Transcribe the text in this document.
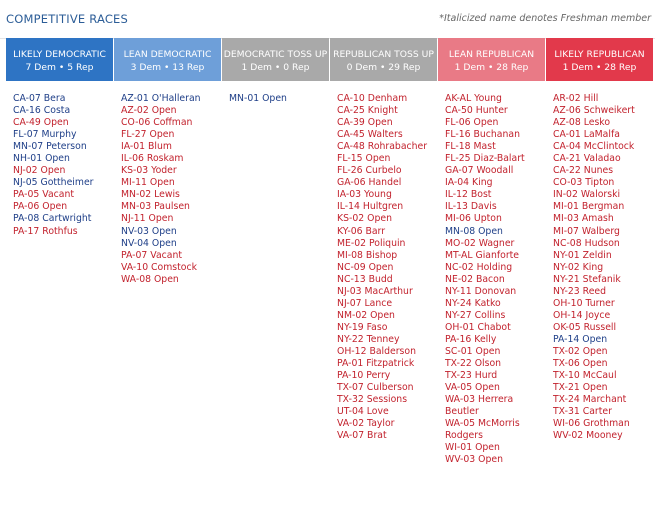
COMPETITIVE RACES	*Italicized name denotes Freshman member
LIKELY DEMOCRATIC
7 Dem • 5 Rep
CA-07 Bera
CA-16 Costa
CA-49 Open
FL-07 Murphy
MN-07 Peterson
NH-01 Open
NJ-02 Open
NJ-05 Gottheimer
PA-05 Vacant
PA-06 Open
PA-08 Cartwright
PA-17 Rothfus
LEAN DEMOCRATIC
3 Dem • 13 Rep
AZ-01 O'Halleran
AZ-02 Open
CO-06 Coffman
FL-27 Open
IA-01 Blum
IL-06 Roskam
KS-03 Yoder
MI-11 Open
MN-02 Lewis
MN-03 Paulsen
NJ-11 Open
NV-03 Open
NV-04 Open
PA-07 Vacant
VA-10 Comstock
WA-08 Open
DEMOCRATIC TOSS UP
1 Dem • 0 Rep
MN-01 Open
REPUBLICAN TOSS UP
0 Dem • 29 Rep
CA-10 Denham
CA-25 Knight
CA-39 Open
CA-45 Walters
CA-48 Rohrabacher
FL-15 Open
FL-26 Curbelo
GA-06 Handel
IA-03 Young
IL-14 Hultgren
KS-02 Open
KY-06 Barr
ME-02 Poliquin
MI-08 Bishop
NC-09 Open
NC-13 Budd
NJ-03 MacArthur
NJ-07 Lance
NM-02 Open
NY-19 Faso
NY-22 Tenney
OH-12 Balderson
PA-01 Fitzpatrick
PA-10 Perry
TX-07 Culberson
TX-32 Sessions
UT-04 Love
VA-02 Taylor
VA-07 Brat
LEAN REPUBLICAN
1 Dem • 28 Rep
AK-AL Young
CA-50 Hunter
FL-06 Open
FL-16 Buchanan
FL-18 Mast
FL-25 Diaz-Balart
GA-07 Woodall
IA-04 King
IL-12 Bost
IL-13 Davis
MI-06 Upton
MN-08 Open
MO-02 Wagner
MT-AL Gianforte
NC-02 Holding
NE-02 Bacon
NY-11 Donovan
NY-24 Katko
NY-27 Collins
OH-01 Chabot
PA-16 Kelly
SC-01 Open
TX-22 Olson
TX-23 Hurd
VA-05 Open
WA-03 Herrera
Beutler
WA-05 McMorris
Rodgers
WI-01 Open
WV-03 Open
LIKELY REPUBLICAN
1 Dem • 28 Rep
AR-02 Hill
AZ-06 Schweikert
AZ-08 Lesko
CA-01 LaMalfa
CA-04 McClintock
CA-21 Valadao
CA-22 Nunes
CO-03 Tipton
IN-02 Walorski
MI-01 Bergman
MI-03 Amash
MI-07 Walberg
NC-08 Hudson
NY-01 Zeldin
NY-02 King
NY-21 Stefanik
NY-23 Reed
OH-10 Turner
OH-14 Joyce
OK-05 Russell
PA-14 Open
TX-02 Open
TX-06 Open
TX-10 McCaul
TX-21 Open
TX-24 Marchant
TX-31 Carter
WI-06 Grothman
WV-02 Mooney
